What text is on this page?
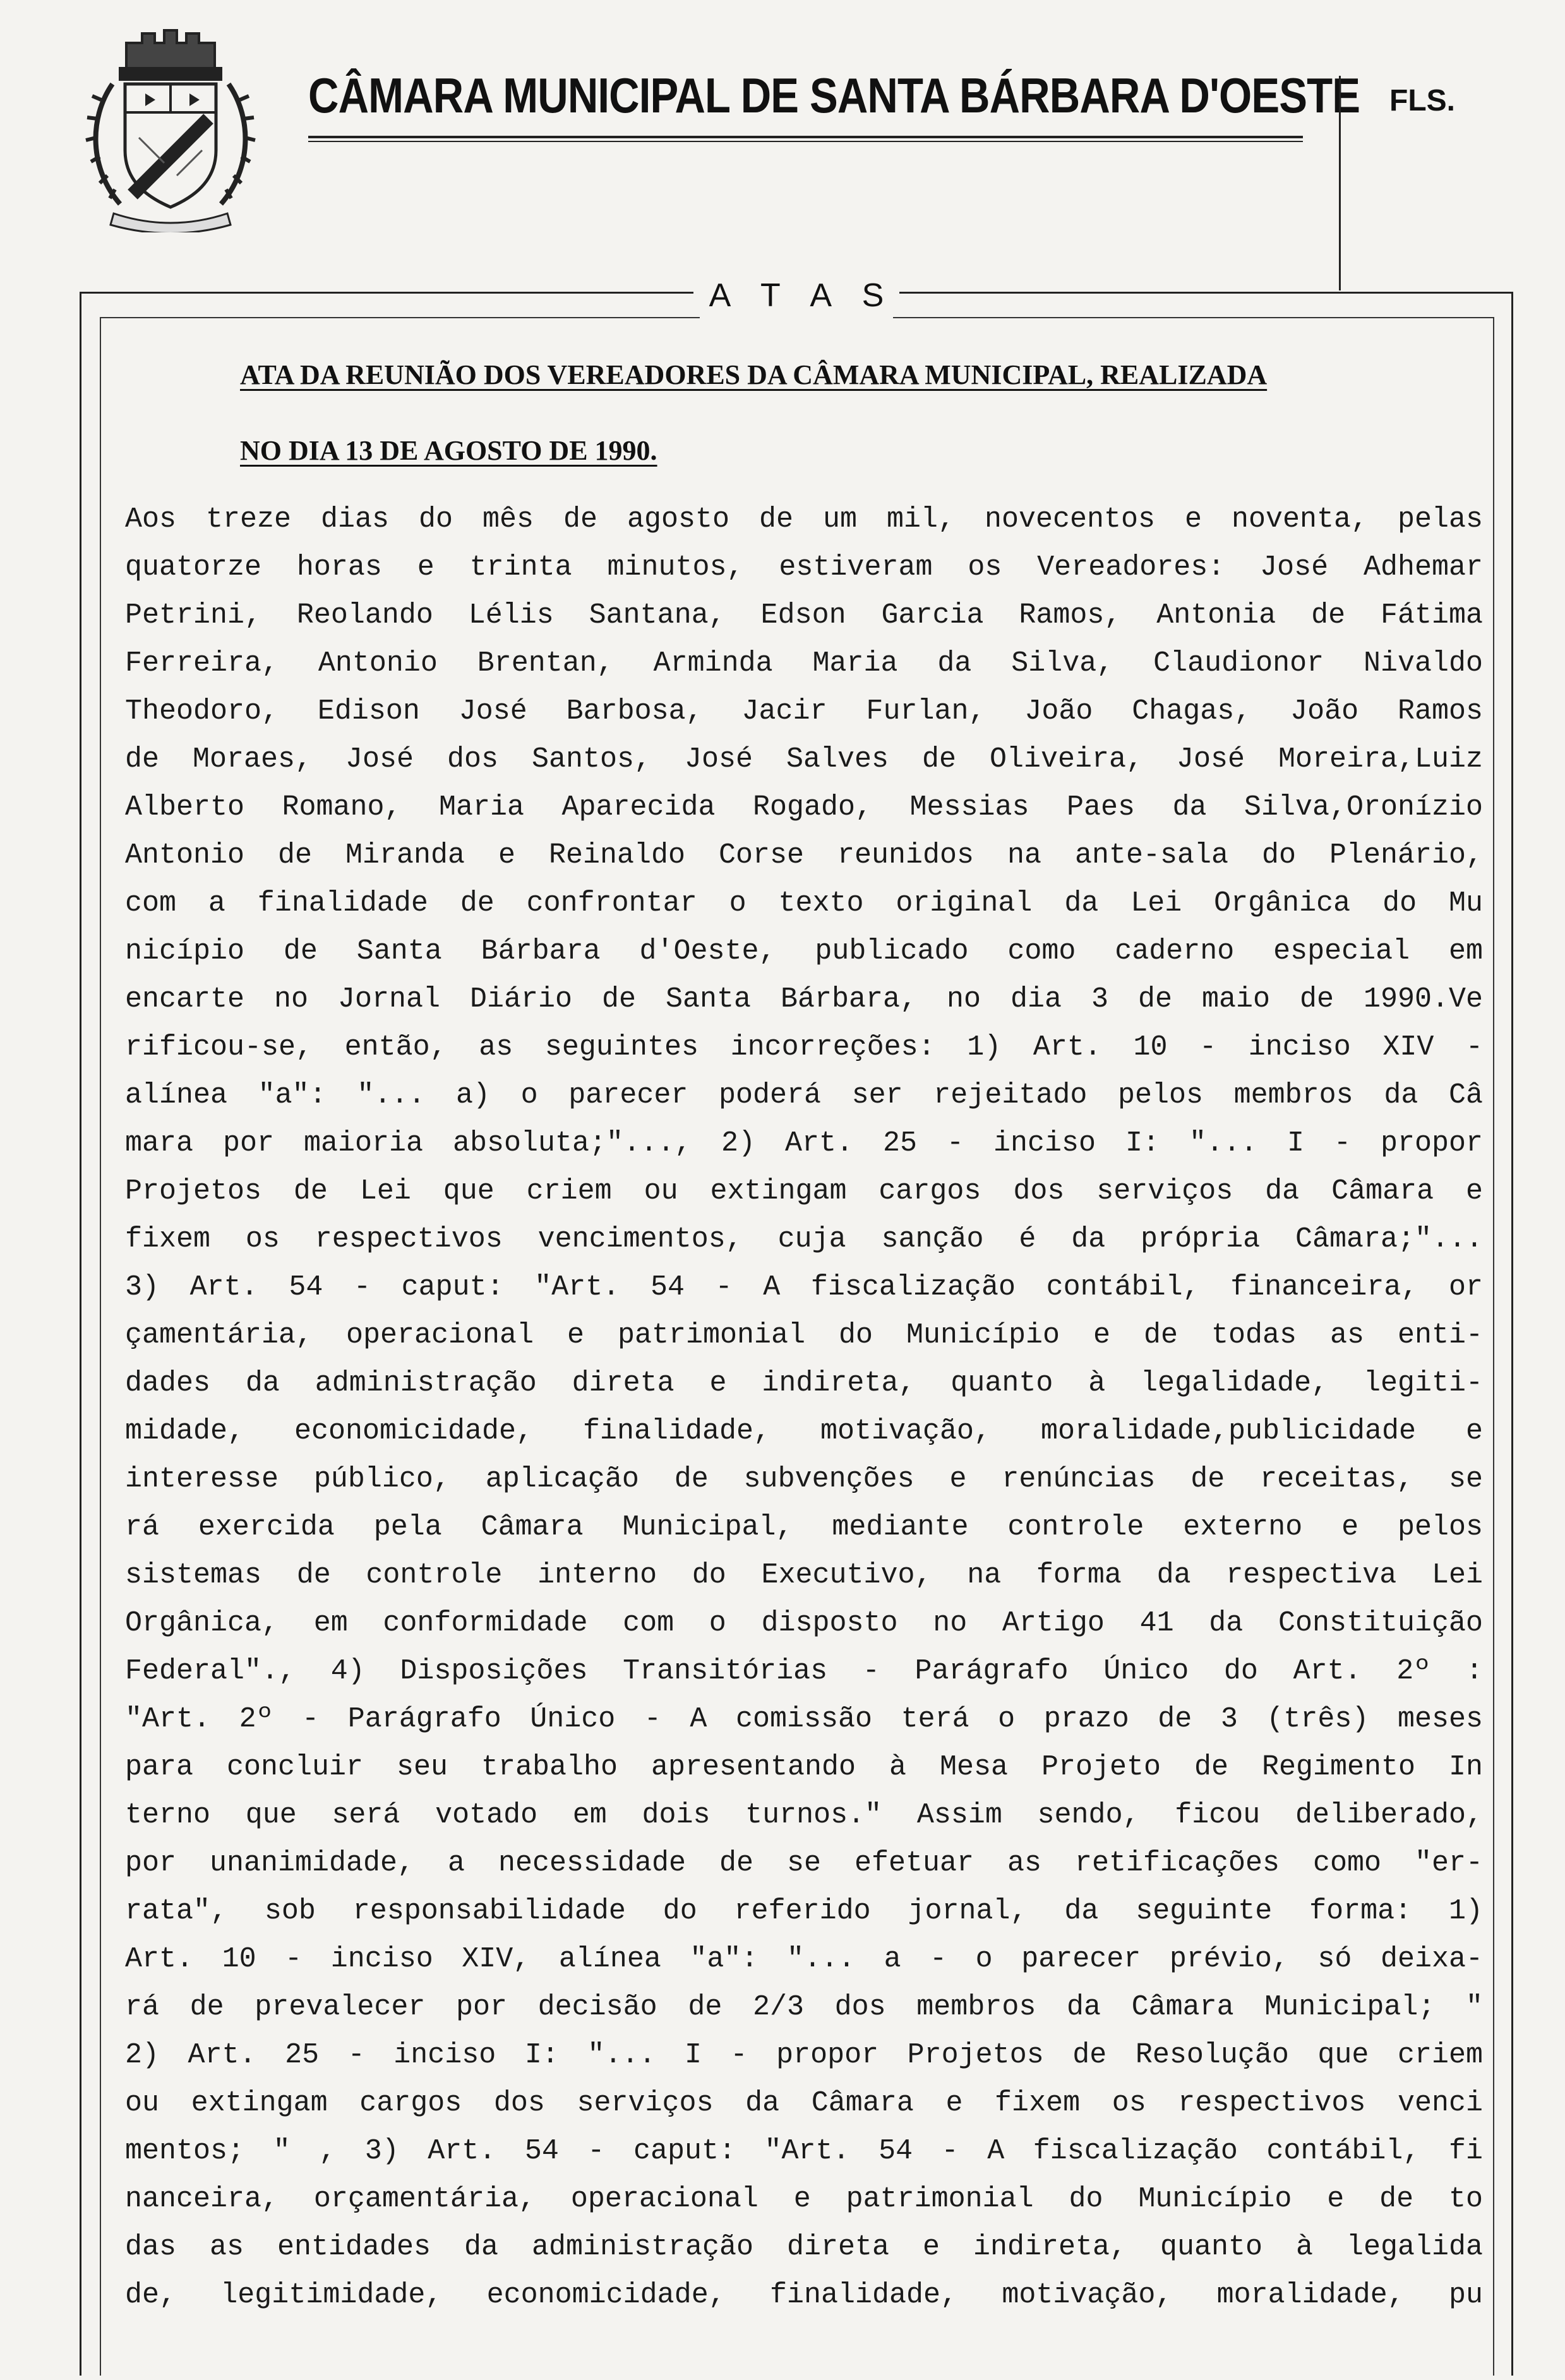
CÂMARA MUNICIPAL DE SANTA BÁRBARA D'OESTE FLS.
A T A S
ATA DA REUNIÃO DOS VEREADORES DA CÂMARA MUNICIPAL, REALIZADA
NO DIA 13 DE AGOSTO DE 1990.
Aos treze dias do mês de agosto de um mil, novecentos e noventa, pelas
quatorze horas e trinta minutos, estiveram os Vereadores: José Adhemar
Petrini, Reolando Lélis Santana, Edson Garcia Ramos, Antonia de Fátima
Ferreira, Antonio Brentan, Arminda Maria da Silva, Claudionor Nivaldo
Theodoro, Edison José Barbosa, Jacir Furlan, João Chagas, João Ramos
de Moraes, José dos Santos, José Salves de Oliveira, José Moreira,Luiz
Alberto Romano, Maria Aparecida Rogado, Messias Paes da Silva,Oronízio
Antonio de Miranda e Reinaldo Corse reunidos na ante-sala do Plenário,
com a finalidade de confrontar o texto original da Lei Orgânica do Mu
nicípio de Santa Bárbara d'Oeste, publicado como caderno especial em
encarte no Jornal Diário de Santa Bárbara, no dia 3 de maio de 1990.Ve
rificou-se, então, as seguintes incorreções: 1) Art. 10 - inciso XIV -
alínea "a": "... a) o parecer poderá ser rejeitado pelos membros da Câ
mara por maioria absoluta;"..., 2) Art. 25 - inciso I: "... I - propor
Projetos de Lei que criem ou extingam cargos dos serviços da Câmara e
fixem os respectivos vencimentos, cuja sanção é da própria Câmara;"...
3) Art. 54 - caput: "Art. 54 - A fiscalização contábil, financeira, or
çamentária, operacional e patrimonial do Município e de todas as enti-
dades da administração direta e indireta, quanto à legalidade, legiti-
midade, economicidade, finalidade, motivação, moralidade,publicidade e
interesse público, aplicação de subvenções e renúncias de receitas, se
rá exercida pela Câmara Municipal, mediante controle externo e pelos
sistemas de controle interno do Executivo, na forma da respectiva Lei
Orgânica, em conformidade com o disposto no Artigo 41 da Constituição
Federal"., 4) Disposições Transitórias - Parágrafo Único do Art. 2º :
"Art. 2º - Parágrafo Único - A comissão terá o prazo de 3 (três) meses
para concluir seu trabalho apresentando à Mesa Projeto de Regimento In
terno que será votado em dois turnos." Assim sendo, ficou deliberado,
por unanimidade, a necessidade de se efetuar as retificações como "er-
rata", sob responsabilidade do referido jornal, da seguinte forma: 1)
Art. 10 - inciso XIV, alínea "a": "... a - o parecer prévio, só deixa-
rá de prevalecer por decisão de 2/3 dos membros da Câmara Municipal; "
2) Art. 25 - inciso I: "... I - propor Projetos de Resolução que criem
ou extingam cargos dos serviços da Câmara e fixem os respectivos venci
mentos; " , 3) Art. 54 - caput: "Art. 54 - A fiscalização contábil, fi
nanceira, orçamentária, operacional e patrimonial do Município e de to
das as entidades da administração direta e indireta, quanto à legalida
de, legitimidade, economicidade, finalidade, motivação, moralidade, pu
